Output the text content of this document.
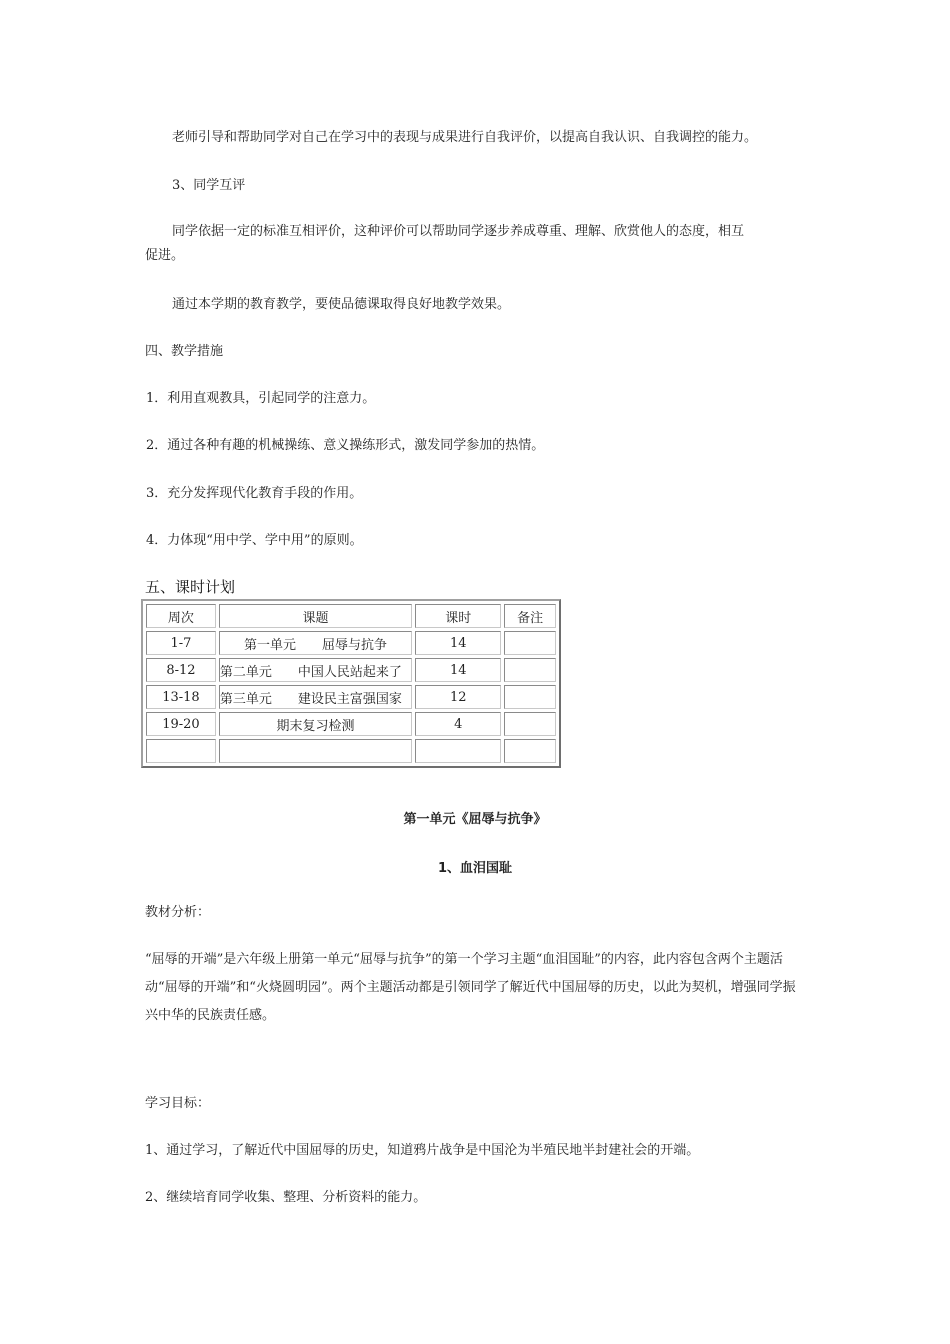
老师引导和帮助同学对自己在学习中的表现与成果进行自我评价，以提高自我认识、自我调控的能力。
3、同学互评
同学依据一定的标准互相评价，这种评价可以帮助同学逐步养成尊重、理解、欣赏他人的态度，相互
促进。
通过本学期的教育教学，要使品德课取得良好地教学效果。
四、教学措施
1．利用直观教具，引起同学的注意力。
2．通过各种有趣的机械操练、意义操练形式，激发同学参加的热情。
3．充分发挥现代化教育手段的作用。
4．力体现“用中学、学中用”的原则。
五、课时计划
周次	课题	课时	备注
1-7	第一单元　　屈辱与抗争	14	
8-12	第二单元　　中国人民站起来了	14	
13-18	第三单元　　建设民主富强国家	12	
19-20	期末复习检测	4	

第一单元《屈辱与抗争》
1、血泪国耻
教材分析：
“屈辱的开端”是六年级上册第一单元“屈辱与抗争”的第一个学习主题“血泪国耻”的内容，此内容包含两个主题活动“屈辱的开端”和“火烧圆明园”。两个主题活动都是引领同学了解近代中国屈辱的历史，以此为契机，增强同学振兴中华的民族责任感。
学习目标：
1、通过学习，了解近代中国屈辱的历史，知道鸦片战争是中国沦为半殖民地半封建社会的开端。
2、继续培育同学收集、整理、分析资料的能力。
